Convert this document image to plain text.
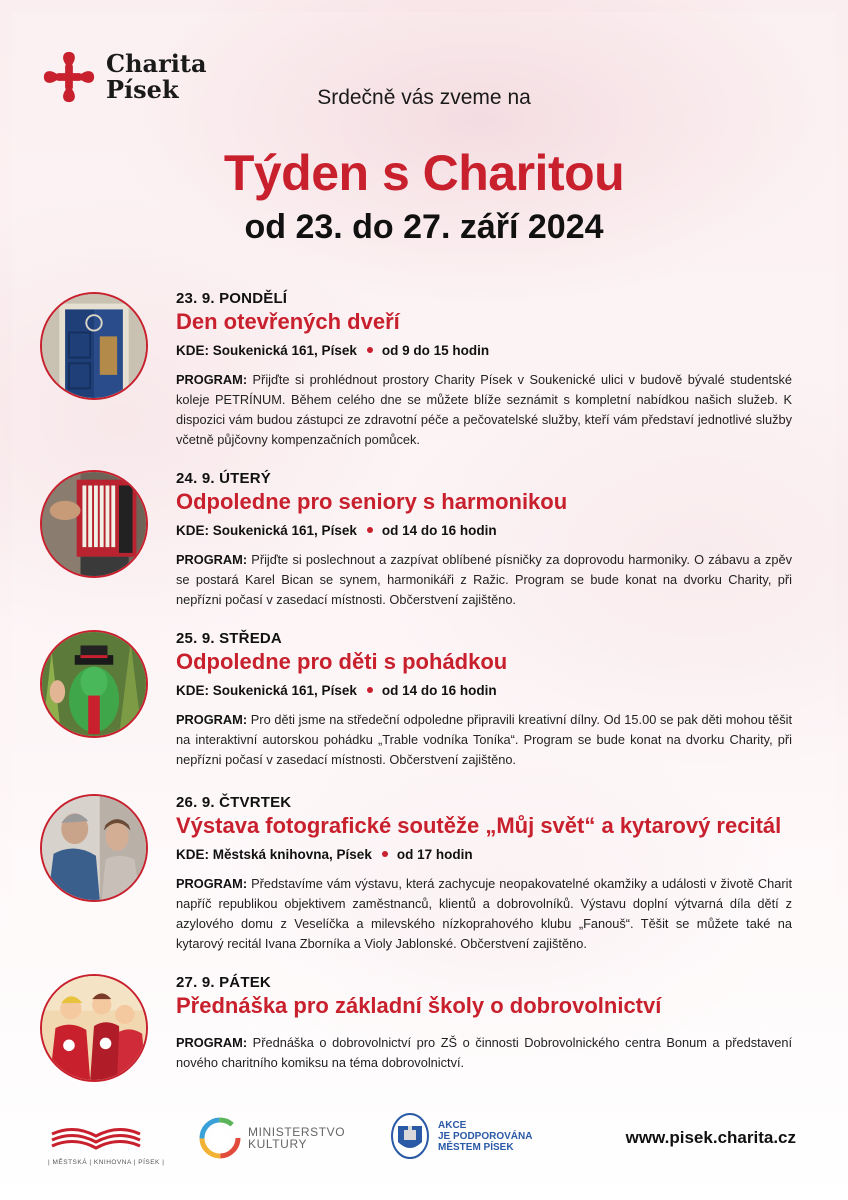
Charita
Písek	Srdečně vás zveme na
Týden s Charitou
od 23. do 27. září 2024
23. 9. PONDĚLÍ
Den otevřených dveří
KDE: Soukenická 161, Písek od 9 do 15 hodin
PROGRAM: Přijďte si prohlédnout prostory Charity Písek v Soukenické ulici v budově bývalé studentské koleje PETRÍNUM. Během celého dne se můžete blíže seznámit s kompletní nabídkou našich služeb. K dispozici vám budou zástupci ze zdravotní péče a pečovatelské služby, kteří vám představí jednotlivé služby včetně půjčovny kompenzačních pomůcek.
24. 9. ÚTERÝ
Odpoledne pro seniory s harmonikou
KDE: Soukenická 161, Písek od 14 do 16 hodin
PROGRAM: Přijďte si poslechnout a zazpívat oblíbené písničky za doprovodu harmoniky. O zábavu a zpěv se postará Karel Bican se synem, harmonikáři z Ražic. Program se bude konat na dvorku Charity, při nepřízni počasí v zasedací místnosti. Občerstvení zajištěno.
25. 9. STŘEDA
Odpoledne pro děti s pohádkou
KDE: Soukenická 161, Písek od 14 do 16 hodin
PROGRAM: Pro děti jsme na středeční odpoledne připravili kreativní dílny. Od 15.00 se pak děti mohou těšit na interaktivní autorskou pohádku „Trable vodníka Toníka“. Program se bude konat na dvorku Charity, při nepřízni počasí v zasedací místnosti. Občerstvení zajištěno.
26. 9. ČTVRTEK
Výstava fotografické soutěže „Můj svět“ a kytarový recitál
KDE: Městská knihovna, Písek od 17 hodin
PROGRAM: Představíme vám výstavu, která zachycuje neopakovatelné okamžiky a události v životě Charit napříč republikou objektivem zaměstnanců, klientů a dobrovolníků. Výstavu doplní výtvarná díla dětí z azylového domu z Veselíčka a milevského nízkoprahového klubu „Fanouš“. Těšit se můžete také na kytarový recitál Ivana Zborníka a Violy Jablonské. Občerstvení zajištěno.
27. 9. PÁTEK
Přednáška pro základní školy o dobrovolnictví
PROGRAM: Přednáška o dobrovolnictví pro ZŠ o činnosti Dobrovolnického centra Bonum a představení nového charitního komiksu na téma dobrovolnictví.
| MĚSTSKÁ | KNIHOVNA | PÍSEK |
MINISTERSTVO
KULTURY
AKCE
JE PODPOROVÁNA
MĚSTEM PÍSEK	www.pisek.charita.cz
